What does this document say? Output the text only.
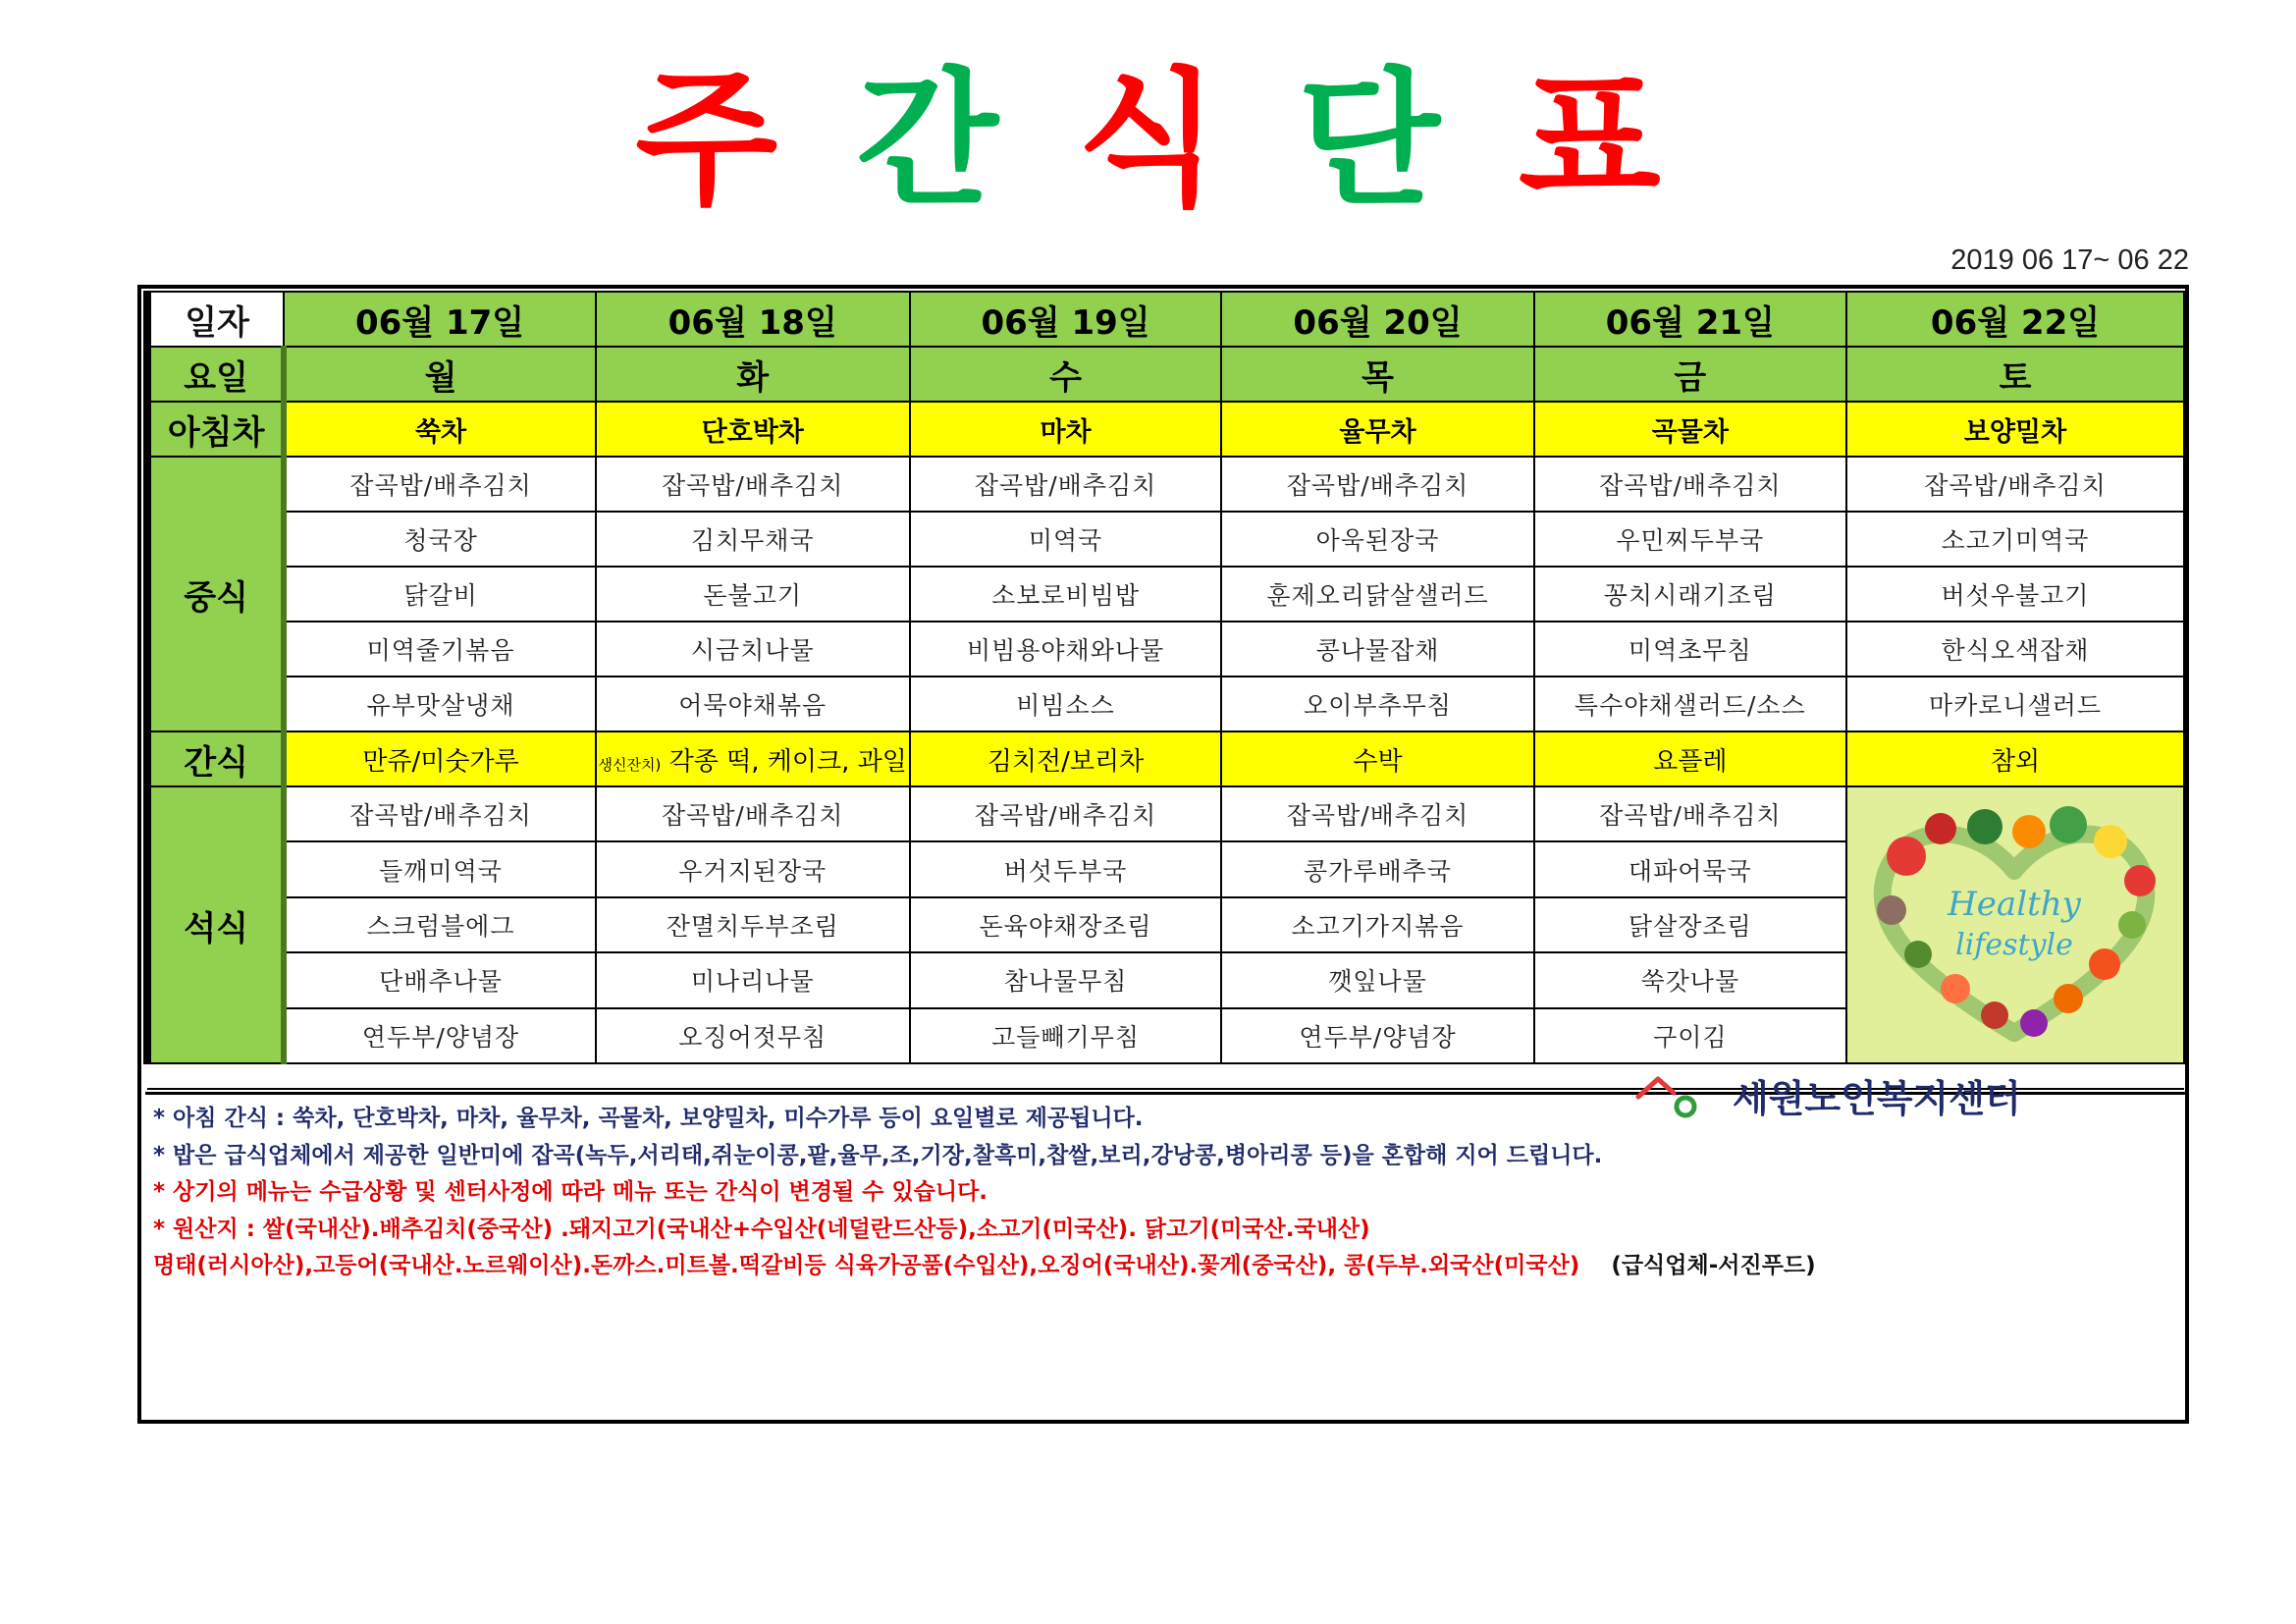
주 간 식 단 표
2019 06 17~ 06 22
일자	06월 17일	06월 18일	06월 19일	06월 20일	06월 21일	06월 22일
요일	월	화	수	목	금	토
아침차	쑥차	단호박차	마차	율무차	곡물차	보양밀차
중식	잡곡밥/배추김치	잡곡밥/배추김치	잡곡밥/배추김치	잡곡밥/배추김치	잡곡밥/배추김치	잡곡밥/배추김치
	청국장	김치무채국	미역국	아욱된장국	우민찌두부국	소고기미역국
	닭갈비	돈불고기	소보로비빔밥	훈제오리닭살샐러드	꽁치시래기조림	버섯우불고기
	미역줄기볶음	시금치나물	비빔용야채와나물	콩나물잡채	미역초무침	한식오색잡채
	유부맛살냉채	어묵야채볶음	비빔소스	오이부추무침	특수야채샐러드/소스	마카로니샐러드
간식	만쥬/미숫가루	생신잔치) 각종 떡, 케이크, 과일	김치전/보리차	수박	요플레	참외
석식	잡곡밥/배추김치	잡곡밥/배추김치	잡곡밥/배추김치	잡곡밥/배추김치	잡곡밥/배추김치	Healthy
lifestyle

	들깨미역국	우거지된장국	버섯두부국	콩가루배추국	대파어묵국	
	스크럼블에그	잔멸치두부조림	돈육야채장조림	소고기가지볶음	닭살장조림	
	단배추나물	미나리나물	참나물무침	깻잎나물	쑥갓나물	
	연두부/양념장	오징어젓무침	고들빼기무침	연두부/양념장	구이김	

* 아침 간식 : 쑥차, 단호박차, 마차, 율무차, 곡물차, 보양밀차, 미수가루 등이 요일별로 제공됩니다.
* 밥은 급식업체에서 제공한 일반미에 잡곡(녹두,서리태,쥐눈이콩,팥,율무,조,기장,찰흑미,찹쌀,보리,강낭콩,병아리콩 등)을 혼합해 지어 드립니다.
* 상기의 메뉴는 수급상황 및 센터사정에 따라 메뉴 또는 간식이 변경될 수 있습니다.
* 원산지 : 쌀(국내산).배추김치(중국산) .돼지고기(국내산+수입산(네덜란드산등),소고기(미국산). 닭고기(미국산.국내산)
명태(러시아산),고등어(국내산.노르웨이산).돈까스.미트볼.떡갈비등 식육가공품(수입산),오징어(국내산).꽃게(중국산), 콩(두부.외국산(미국산) (급식업체-서진푸드)
세원노인복지센터
